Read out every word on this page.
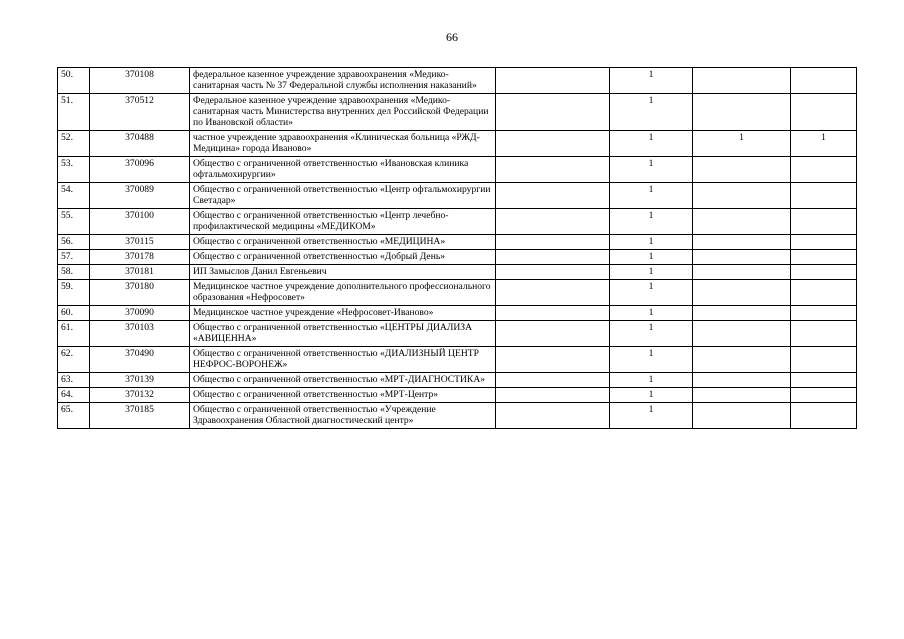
66
50.	370108	федеральное казенное учреждение здравоохранения «Медико-санитарная часть № 37 Федеральной службы исполнения наказаний»		1		
51.	370512	Федеральное казенное учреждение здравоохранения «Медико-санитарная часть Министерства внутренних дел Российской Федерации по Ивановской области»		1		
52.	370488	частное учреждение здравоохранения «Клиническая больница «РЖД-Медицина» города Иваново»		1	1	1
53.	370096	Общество с ограниченной ответственностью «Ивановская клиника офтальмохирургии»		1		
54.	370089	Общество с ограниченной ответственностью «Центр офтальмохирургии Светадар»		1		
55.	370100	Общество с ограниченной ответственностью «Центр лечебно-профилактической медицины «МЕДИКОМ»		1		
56.	370115	Общество с ограниченной ответственностью «МЕДИЦИНА»		1		
57.	370178	Общество с ограниченной ответственностью «Добрый День»		1		
58.	370181	ИП Замыслов Данил Евгеньевич		1		
59.	370180	Медицинское частное учреждение дополнительного профессионального образования «Нефросовет»		1		
60.	370090	Медицинское частное учреждение «Нефросовет-Иваново»		1		
61.	370103	Общество с ограниченной ответственностью «ЦЕНТРЫ ДИАЛИЗА «АВИЦЕННА»		1		
62.	370490	Общество с ограниченной ответственностью «ДИАЛИЗНЫЙ ЦЕНТР НЕФРОС-ВОРОНЕЖ»		1		
63.	370139	Общество с ограниченной ответственностью «МРТ-ДИАГНОСТИКА»		1		
64.	370132	Общество с ограниченной ответственностью «МРТ-Центр»		1		
65.	370185	Общество с ограниченной ответственностью «Учреждение Здравоохранения Областной диагностический центр»		1		
